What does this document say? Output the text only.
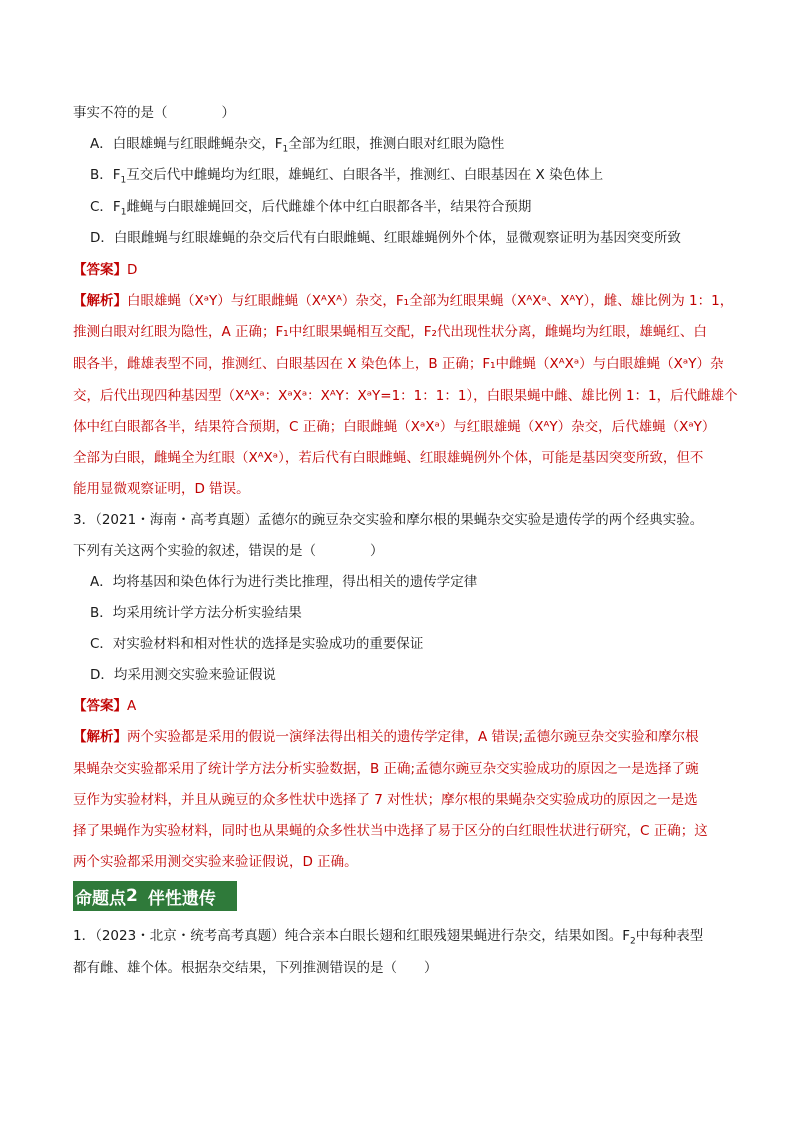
事实不符的是（　　　　）
A．白眼雄蝇与红眼雌蝇杂交，$F_1$全部为红眼，推测白眼对红眼为隐性
B．$F_1$互交后代中雌蝇均为红眼，雄蝇红、白眼各半，推测红、白眼基因在 X 染色体上
C．$F_1$雌蝇与白眼雄蝇回交，后代雌雄个体中红白眼都各半，结果符合预期
D．白眼雌蝇与红眼雄蝇的杂交后代有白眼雌蝇、红眼雄蝇例外个体，显微观察证明为基因突变所致
【答案】D
【解析】白眼雄蝇（XᵃY）与红眼雌蝇（XᴬXᴬ）杂交，F₁全部为红眼果蝇（XᴬXᵃ、XᴬY），雌、雄比例为 1：1，
推测白眼对红眼为隐性，A 正确；F₁中红眼果蝇相互交配，F₂代出现性状分离，雌蝇均为红眼，雄蝇红、白
眼各半，雌雄表型不同，推测红、白眼基因在 X 染色体上，B 正确；F₁中雌蝇（XᴬXᵃ）与白眼雄蝇（XᵃY）杂
交，后代出现四种基因型（XᴬXᵃ：XᵃXᵃ：XᴬY：XᵃY=1：1：1：1），白眼果蝇中雌、雄比例 1：1，后代雌雄个
体中红白眼都各半，结果符合预期，C 正确；白眼雌蝇（XᵃXᵃ）与红眼雄蝇（XᴬY）杂交，后代雄蝇（XᵃY）
全部为白眼，雌蝇全为红眼（XᴬXᵃ），若后代有白眼雌蝇、红眼雄蝇例外个体，可能是基因突变所致，但不
能用显微观察证明，D 错误。
3．（2021・海南・高考真题）孟德尔的豌豆杂交实验和摩尔根的果蝇杂交实验是遗传学的两个经典实验。
下列有关这两个实验的叙述，错误的是（　　　　）
A．均将基因和染色体行为进行类比推理，得出相关的遗传学定律
B．均采用统计学方法分析实验结果
C．对实验材料和相对性状的选择是实验成功的重要保证
D．均采用测交实验来验证假说
【答案】A
【解析】两个实验都是采用的假说一演绎法得出相关的遗传学定律，A 错误;孟德尔豌豆杂交实验和摩尔根
果蝇杂交实验都采用了统计学方法分析实验数据，B 正确;孟德尔豌豆杂交实验成功的原因之一是选择了豌
豆作为实验材料，并且从豌豆的众多性状中选择了 7 对性状；摩尔根的果蝇杂交实验成功的原因之一是选
择了果蝇作为实验材料，同时也从果蝇的众多性状当中选择了易于区分的白红眼性状进行研究，C 正确；这
两个实验都采用测交实验来验证假说，D 正确。
命题点 2 伴性遗传
1．（2023・北京・统考高考真题）纯合亲本白眼长翅和红眼残翅果蝇进行杂交，结果如图。$F_2$中每种表型
都有雌、雄个体。根据杂交结果，下列推测错误的是（　　）
